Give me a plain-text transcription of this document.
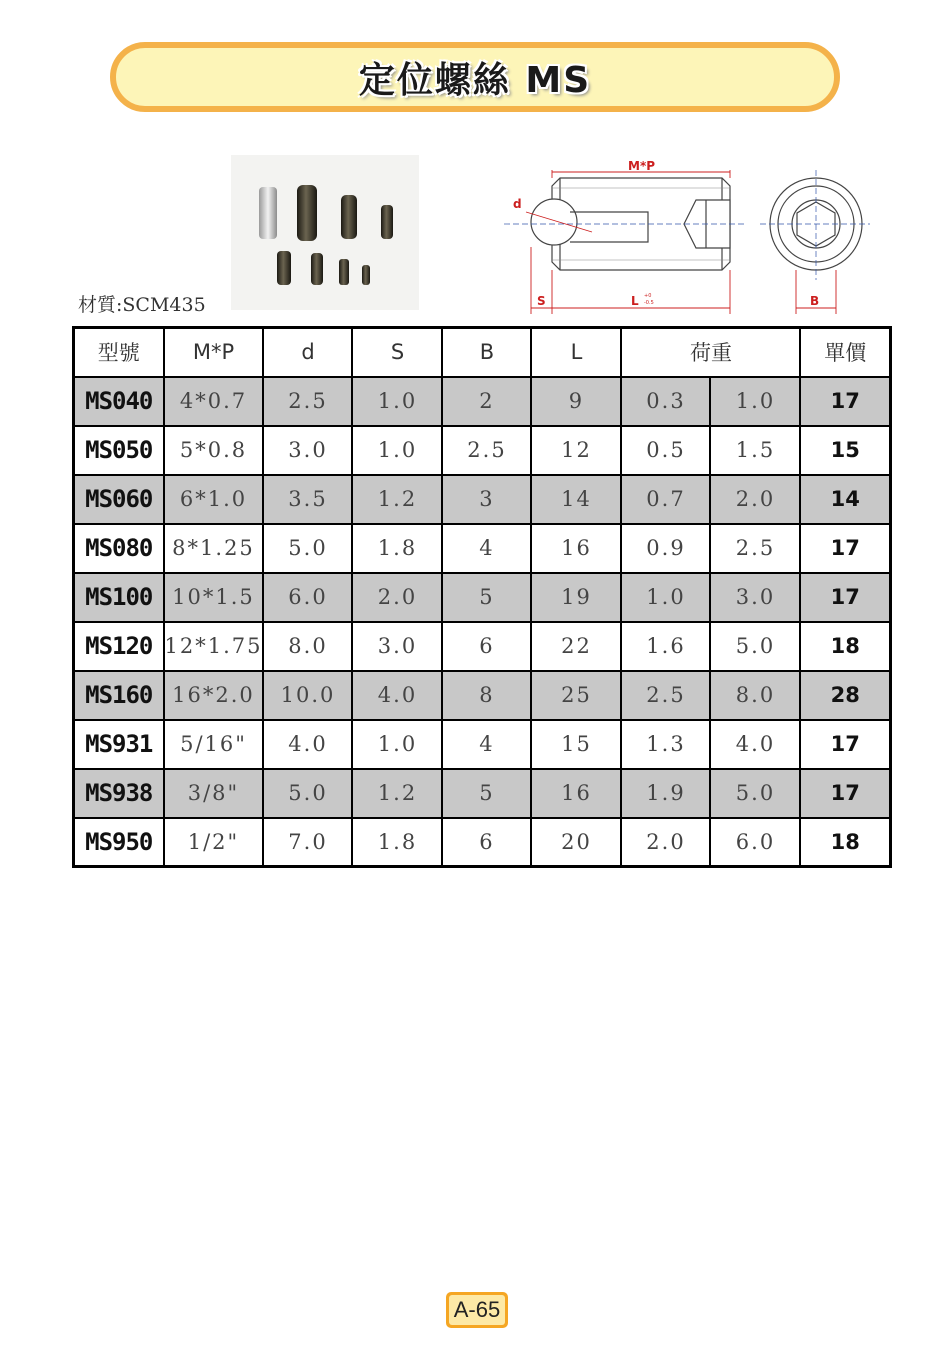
定位螺絲 MS
材質:SCM435
M*P
d
S	L +0
-0.5	B
型號	M*P	d	S	B	L	荷重		單價
MS040	4*0.7	2.5	1.0	2	9	0.3	1.0	17
MS050	5*0.8	3.0	1.0	2.5	12	0.5	1.5	15
MS060	6*1.0	3.5	1.2	3	14	0.7	2.0	14
MS080	8*1.25	5.0	1.8	4	16	0.9	2.5	17
MS100	10*1.5	6.0	2.0	5	19	1.0	3.0	17
MS120	12*1.75	8.0	3.0	6	22	1.6	5.0	18
MS160	16*2.0	10.0	4.0	8	25	2.5	8.0	28
MS931	5/16"	4.0	1.0	4	15	1.3	4.0	17
MS938	3/8"	5.0	1.2	5	16	1.9	5.0	17
MS950	1/2"	7.0	1.8	6	20	2.0	6.0	18
A-65
